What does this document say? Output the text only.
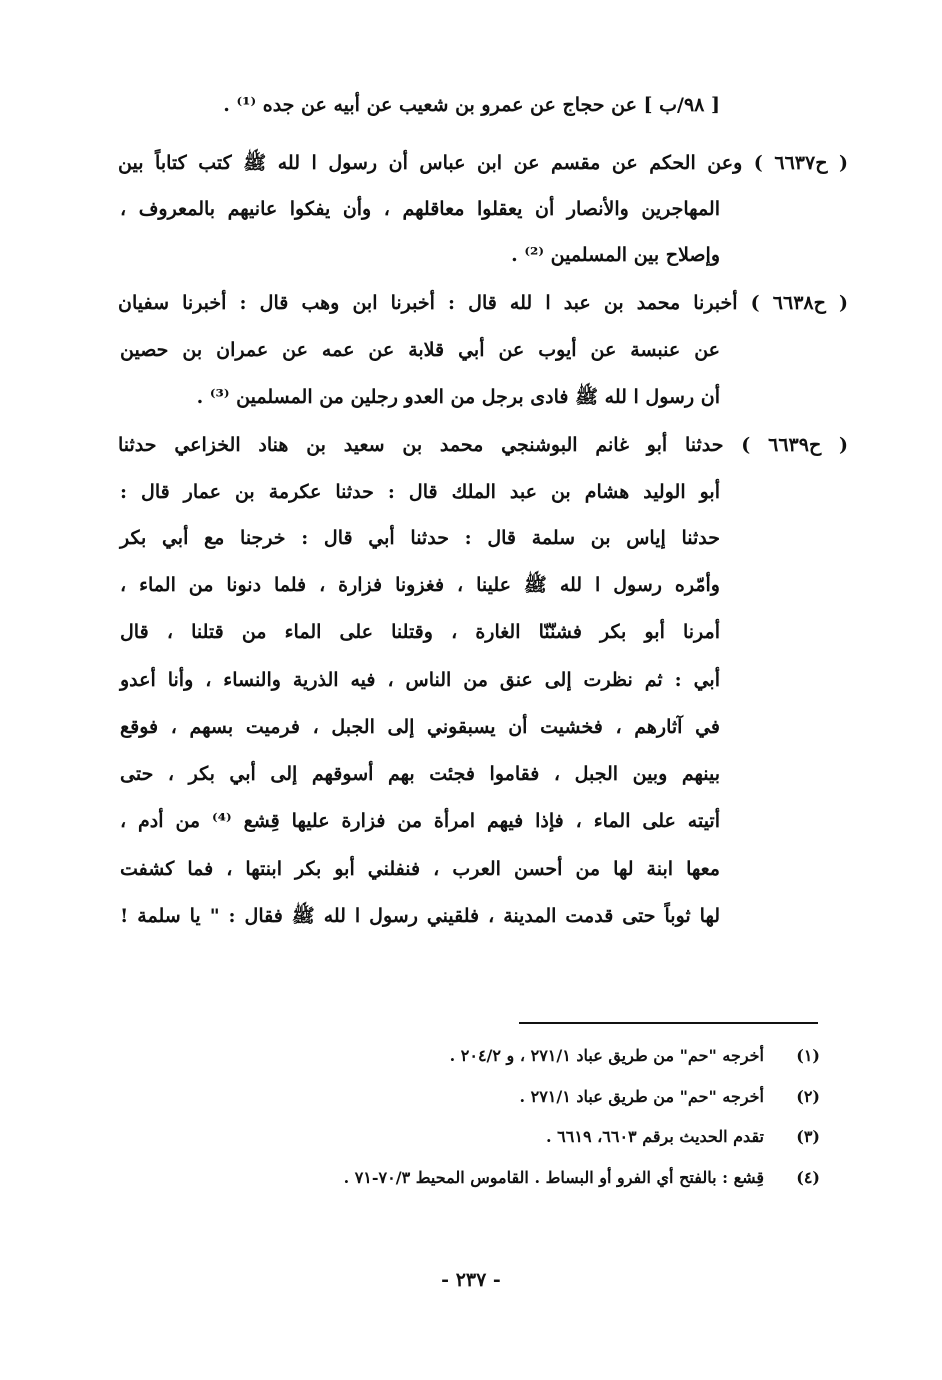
[ ٩٨/ب ] عن حجاج عن عمرو بن شعيب عن أبيه عن جده ⁽¹⁾ .
( ح٦٦٣٧ ) وعن الحكم عن مقسم عن ابن عباس أن رسول ا لله ﷺ كتب كتاباً بين
المهاجرين والأنصار أن يعقلوا معاقلهم ، وأن يفكوا عانيهم بالمعروف ،
وإصلاح بين المسلمين ⁽²⁾ .
( ح٦٦٣٨ ) أخبرنا محمد بن عبد ا لله قال : أخبرنا ابن وهب قال : أخبرنا سفيان
عن عنبسة عن أيوب عن أبي قلابة عن عمه عن عمران بن حصين
أن رسول ا لله ﷺ فادى برجل من العدو رجلين من المسلمين ⁽³⁾ .
( ح٦٦٣٩ ) حدثنا أبو غانم البوشنجي محمد بن سعيد بن هناد الخزاعي حدثنا
أبو الوليد هشام بن عبد الملك قال : حدثنا عكرمة بن عمار قال :
حدثنا إياس بن سلمة قال : حدثنا أبي قال : خرجنا مع أبي بكر
وأمّره رسول ا لله ﷺ علينا ، فغزونا فزارة ، فلما دنونا من الماء ،
أمرنا أبو بكر فشنّنّا الغارة ، وقتلنا على الماء من قتلنا ، قال
أبي : ثم نظرت إلى عنق من الناس ، فيه الذرية والنساء ، وأنا أعدو
في آثارهم ، فخشيت أن يسبقوني إلى الجبل ، فرميت بسهم ، فوقع
بينهم وبين الجبل ، فقاموا فجئت بهم أسوقهم إلى أبي بكر ، حتى
أتيته على الماء ، فإذا فيهم امرأة من فزارة عليها قِشع ⁽⁴⁾ من أدم ،
معها ابنة لها من أحسن العرب ، فنفلني أبو بكر ابنتها ، فما كشفت
لها ثوباً حتى قدمت المدينة ، فلقيني رسول ا لله ﷺ فقال : " يا سلمة !
(١)
أخرجه "حم" من طريق عباد ٢٧١/١ ، و ٢٠٤/٢ .
(٢)
أخرجه "حم" من طريق عباد ٢٧١/١ .
(٣)
تقدم الحديث برقم ٦٦٠٣، ٦٦١٩ .
(٤)
قِشع : بالفتح أي الفرو أو البساط . القاموس المحيط ٧٠/٣-٧١ .
- ٢٣٧ -
